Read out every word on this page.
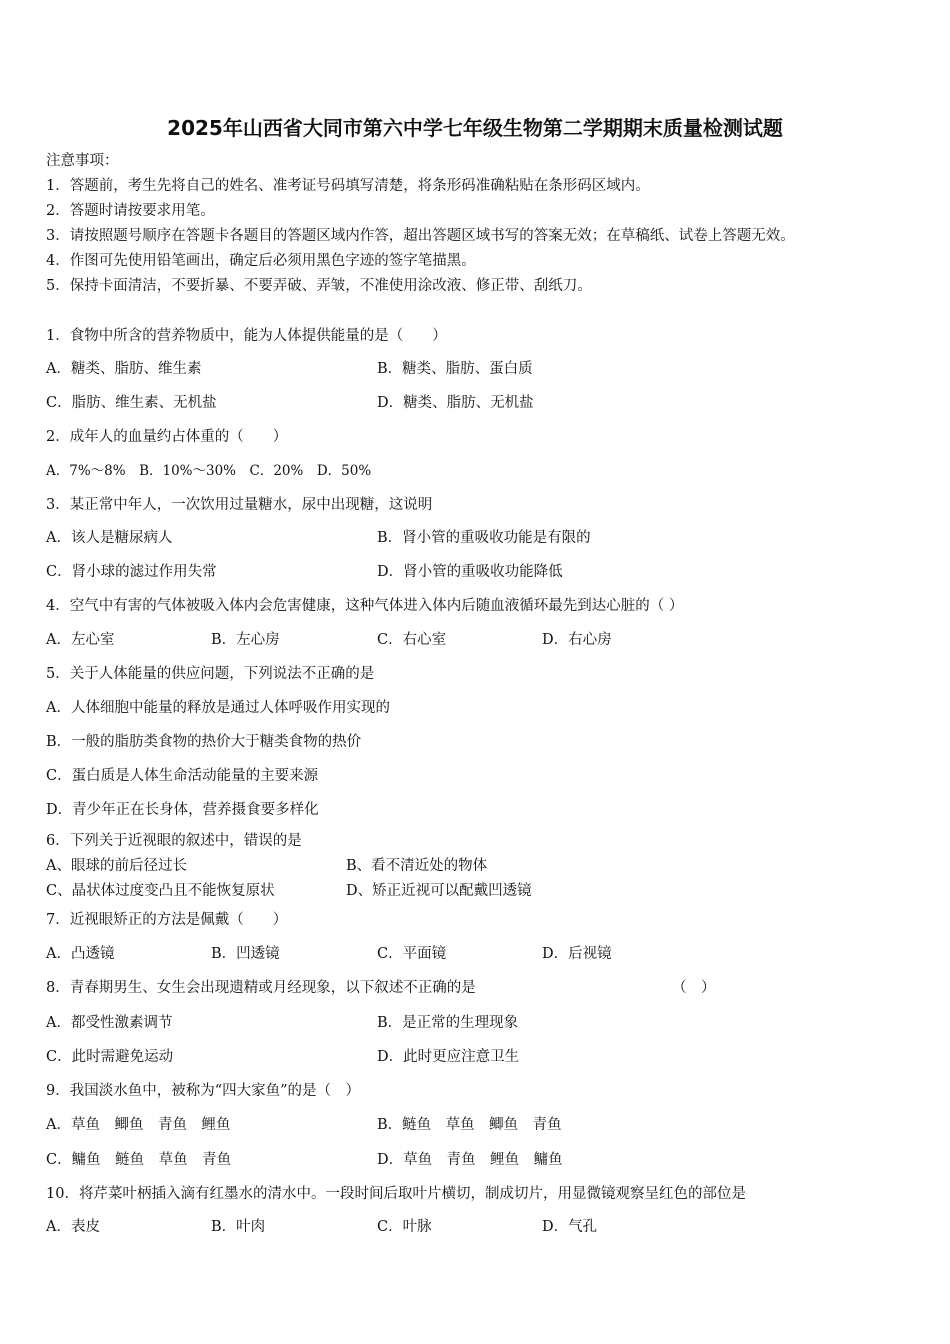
2025年山西省大同市第六中学七年级生物第二学期期末质量检测试题
注意事项：
1．答题前，考生先将自己的姓名、准考证号码填写清楚，将条形码准确粘贴在条形码区域内。
2．答题时请按要求用笔。
3．请按照题号顺序在答题卡各题目的答题区域内作答，超出答题区域书写的答案无效；在草稿纸、试卷上答题无效。
4．作图可先使用铅笔画出，确定后必须用黑色字迹的签字笔描黑。
5．保持卡面清洁，不要折暴、不要弄破、弄皱，不准使用涂改液、修正带、刮纸刀。
1．食物中所含的营养物质中，能为人体提供能量的是（　　）
A．糖类、脂肪、维生素	B．糖类、脂肪、蛋白质
C．脂肪、维生素、无机盐	D．糖类、脂肪、无机盐
2．成年人的血量约占体重的（　　）
A．7%～8%　B．10%～30%　C．20%　D．50%
3．某正常中年人，一次饮用过量糖水，尿中出现糖，这说明
A．该人是糖尿病人	B．肾小管的重吸收功能是有限的
C．肾小球的滤过作用失常	D．肾小管的重吸收功能降低
4．空气中有害的气体被吸入体内会危害健康，这种气体进入体内后随血液循环最先到达心脏的（ ）
A．左心室	B．左心房	C．右心室	D．右心房
5．关于人体能量的供应问题，下列说法不正确的是
A．人体细胞中能量的释放是通过人体呼吸作用实现的
B．一般的脂肪类食物的热价大于糖类食物的热价
C．蛋白质是人体生命活动能量的主要来源
D．青少年正在长身体，营养摄食要多样化
6．下列关于近视眼的叙述中，错误的是
A、眼球的前后径过长	B、看不清近处的物体
C、晶状体过度变凸且不能恢复原状	D、矫正近视可以配戴凹透镜
7．近视眼矫正的方法是佩戴（　　）
A．凸透镜	B．凹透镜	C．平面镜	D．后视镜
8．青春期男生、女生会出现遗精或月经现象，以下叙述不正确的是	（　）
A．都受性激素调节	B．是正常的生理现象
C．此时需避免运动	D．此时更应注意卫生
9．我国淡水鱼中，被称为“四大家鱼”的是（　）
A．草鱼　鲫鱼　青鱼　鲤鱼	B．鲢鱼　草鱼　鲫鱼　青鱼
C．鳙鱼　鲢鱼　草鱼　青鱼	D．草鱼　青鱼　鲤鱼　鳙鱼
10．将芹菜叶柄插入滴有红墨水的清水中。一段时间后取叶片横切，制成切片，用显微镜观察呈红色的部位是
A．表皮	B．叶肉	C．叶脉	D．气孔
